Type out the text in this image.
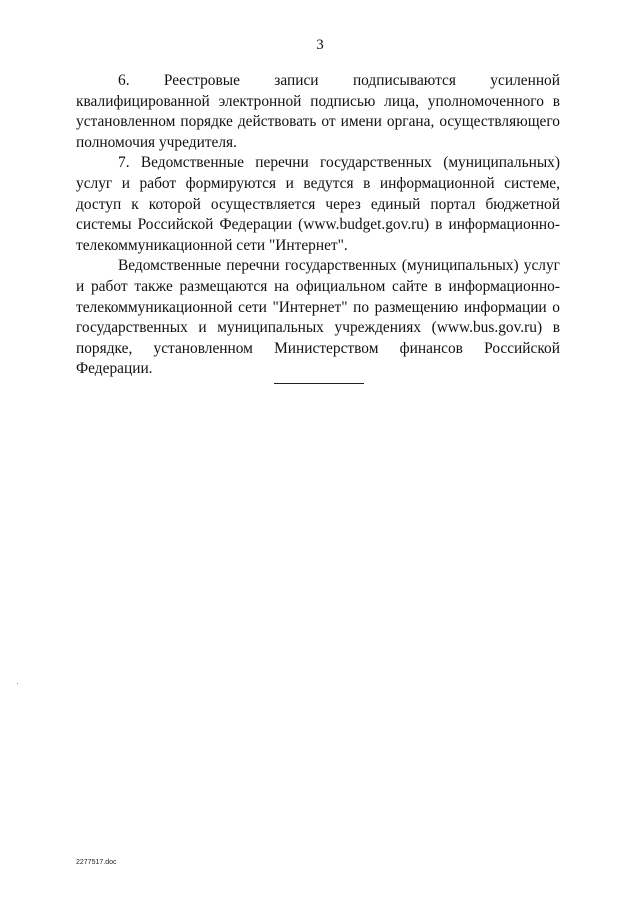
3

6. Реестровые записи подписываются усиленной квалифицированной электронной подписью лица, уполномоченного в установленном порядке действовать от имени органа, осуществляющего полномочия учредителя.

7. Ведомственные перечни государственных (муниципальных) услуг и работ формируются и ведутся в информационной системе, доступ к которой осуществляется через единый портал бюджетной системы Российской Федерации (www.budget.gov.ru) в информационно-телекоммуникационной сети "Интернет".

Ведомственные перечни государственных (муниципальных) услуг и работ также размещаются на официальном сайте в информационно-телекоммуникационной сети "Интернет" по размещению информации о государственных и муниципальных учреждениях (www.bus.gov.ru) в порядке, установленном Министерством финансов Российской Федерации.

2277517.doc
